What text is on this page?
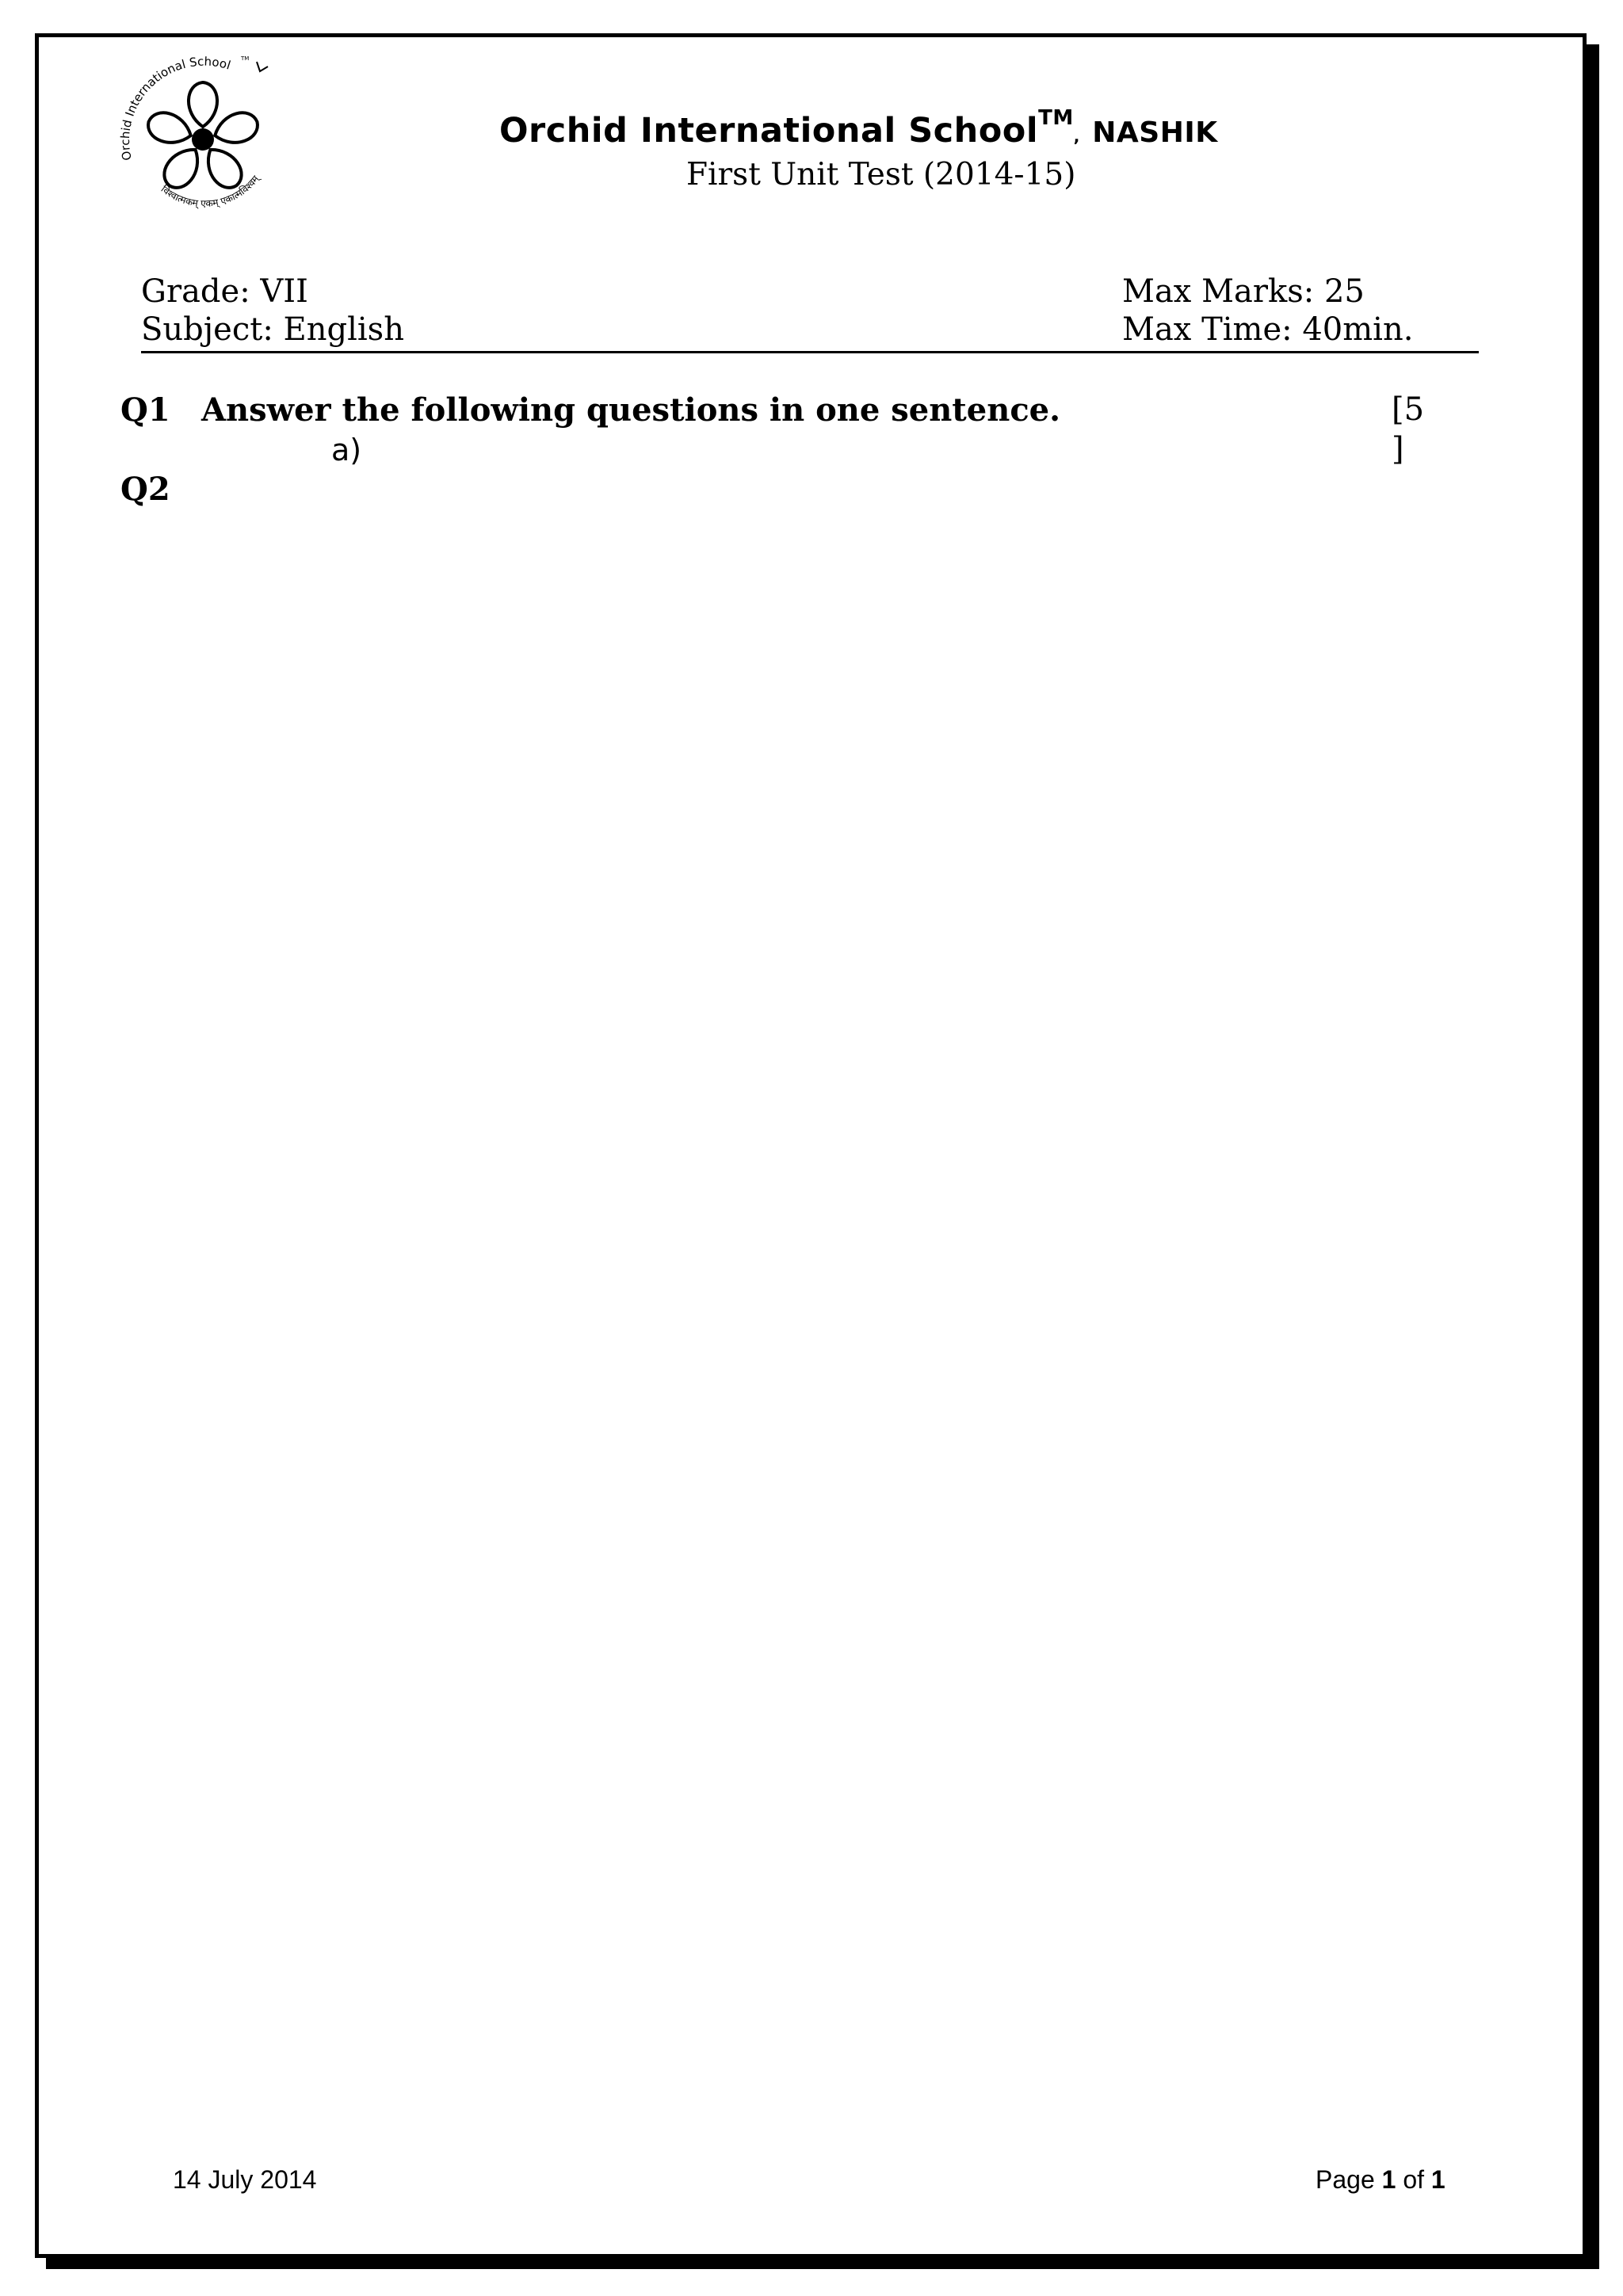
Orchid International School TM
विश्वात्मकम् एकम् एकात्मविश्वम्
Orchid International School™, NASHIK
First Unit Test (2014-15)
Grade: VII
Subject: English
Max Marks: 25
Max Time: 40min.
Q1 Answer the following questions in one sentence.	[5
]
a)
Q2
14 July 2014	Page 1 of 1
